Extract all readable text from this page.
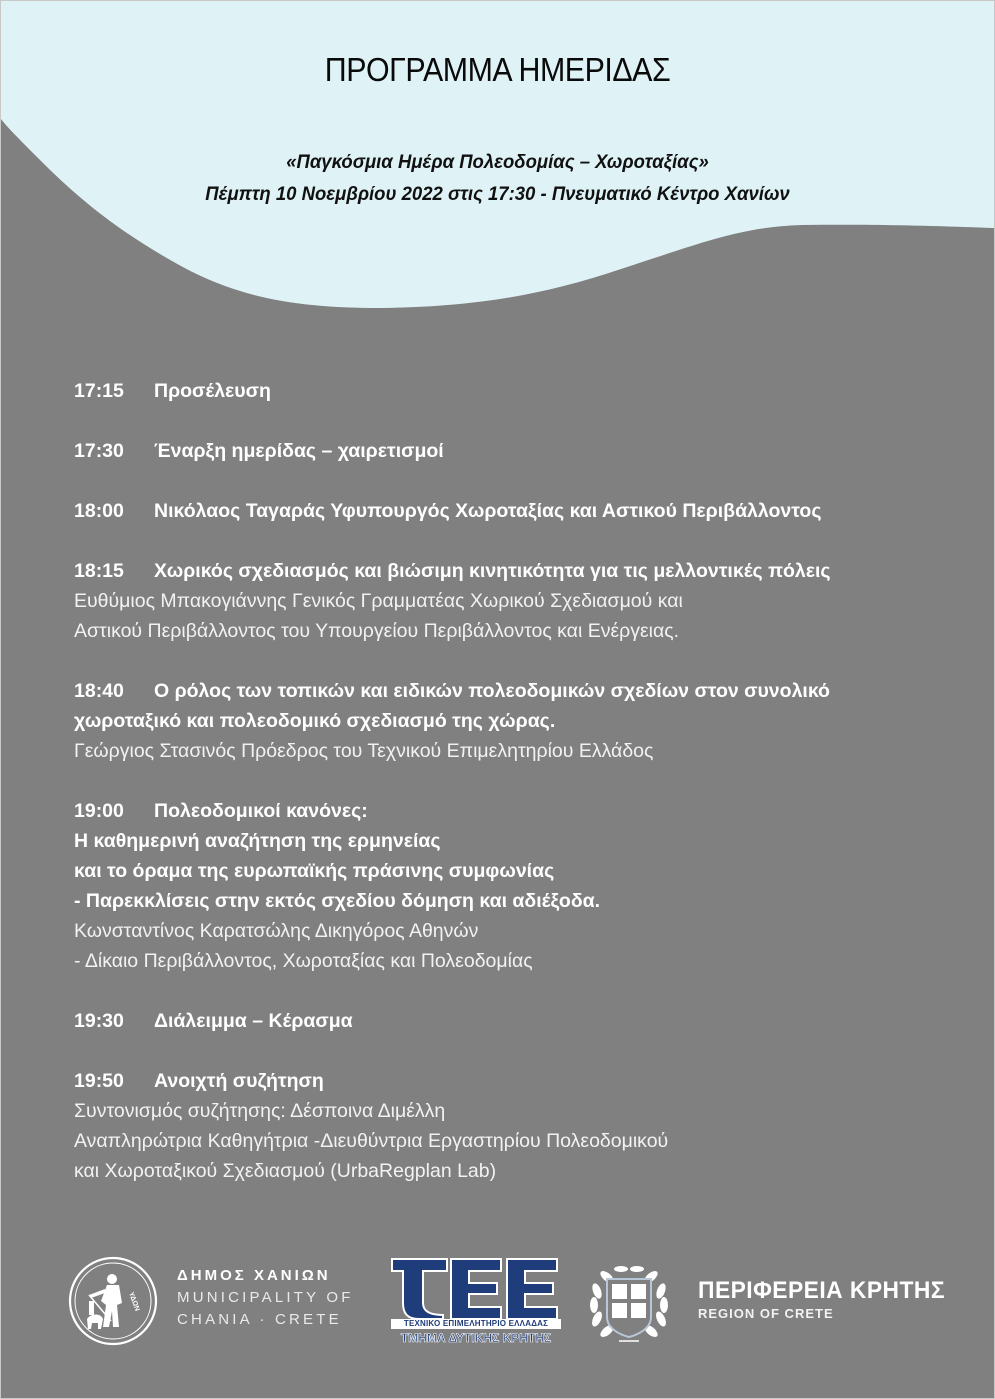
ΠΡΟΓΡΑΜΜΑ ΗΜΕΡΙΔΑΣ
«Παγκόσμια Ημέρα Πολεοδομίας – Χωροταξίας»
Πέμπτη 10 Νοεμβρίου 2022 στις 17:30 - Πνευματικό Κέντρο Χανίων
17:15 Προσέλευση
17:30 Έναρξη ημερίδας – χαιρετισμοί
18:00 Νικόλαος Ταγαράς Υφυπουργός Χωροταξίας και Αστικού Περιβάλλοντος
18:15 Χωρικός σχεδιασμός και βιώσιμη κινητικότητα για τις μελλοντικές πόλεις
Ευθύμιος Μπακογιάννης Γενικός Γραμματέας Χωρικού Σχεδιασμού και
Αστικού Περιβάλλοντος του Υπουργείου Περιβάλλοντος και Ενέργειας.
18:40 Ο ρόλος των τοπικών και ειδικών πολεοδομικών σχεδίων στον συνολικό
χωροταξικό και πολεοδομικό σχεδιασμό της χώρας.
Γεώργιος Στασινός Πρόεδρος του Τεχνικού Επιμελητηρίου Ελλάδος
19:00 Πολεοδομικοί κανόνες:
Η καθημερινή αναζήτηση της ερμηνείας
και το όραμα της ευρωπαϊκής πράσινης συμφωνίας
- Παρεκκλίσεις στην εκτός σχεδίου δόμηση και αδιέξοδα.
Κωνσταντίνος Καρατσώλης Δικηγόρος Αθηνών
- Δίκαιο Περιβάλλοντος, Χωροταξίας και Πολεοδομίας
19:30 Διάλειμμα – Κέρασμα
19:50 Ανοιχτή συζήτηση
Συντονισμός συζήτησης: Δέσποινα Διμέλλη
Αναπληρώτρια Καθηγήτρια -Διευθύντρια Εργαστηρίου Πολεοδομικού
και Χωροταξικού Σχεδιασμού (UrbaRegplan Lab)
ΥΔΩΝ
ΔΗΜΟΣ ΧΑΝΙΩΝ
MUNICIPALITY OF
CHANIA · CRETE
ΤΕΕ
ΤΕΧΝΙΚΟ ΕΠΙΜΕΛΗΤΗΡΙΟ ΕΛΛΑΔΑΣ
ΤΜΗΜΑ ΔΥΤΙΚΗΣ ΚΡΗΤΗΣ
ΠΕΡΙΦΕΡΕΙΑ ΚΡΗΤΗΣ
REGION OF CRETE
